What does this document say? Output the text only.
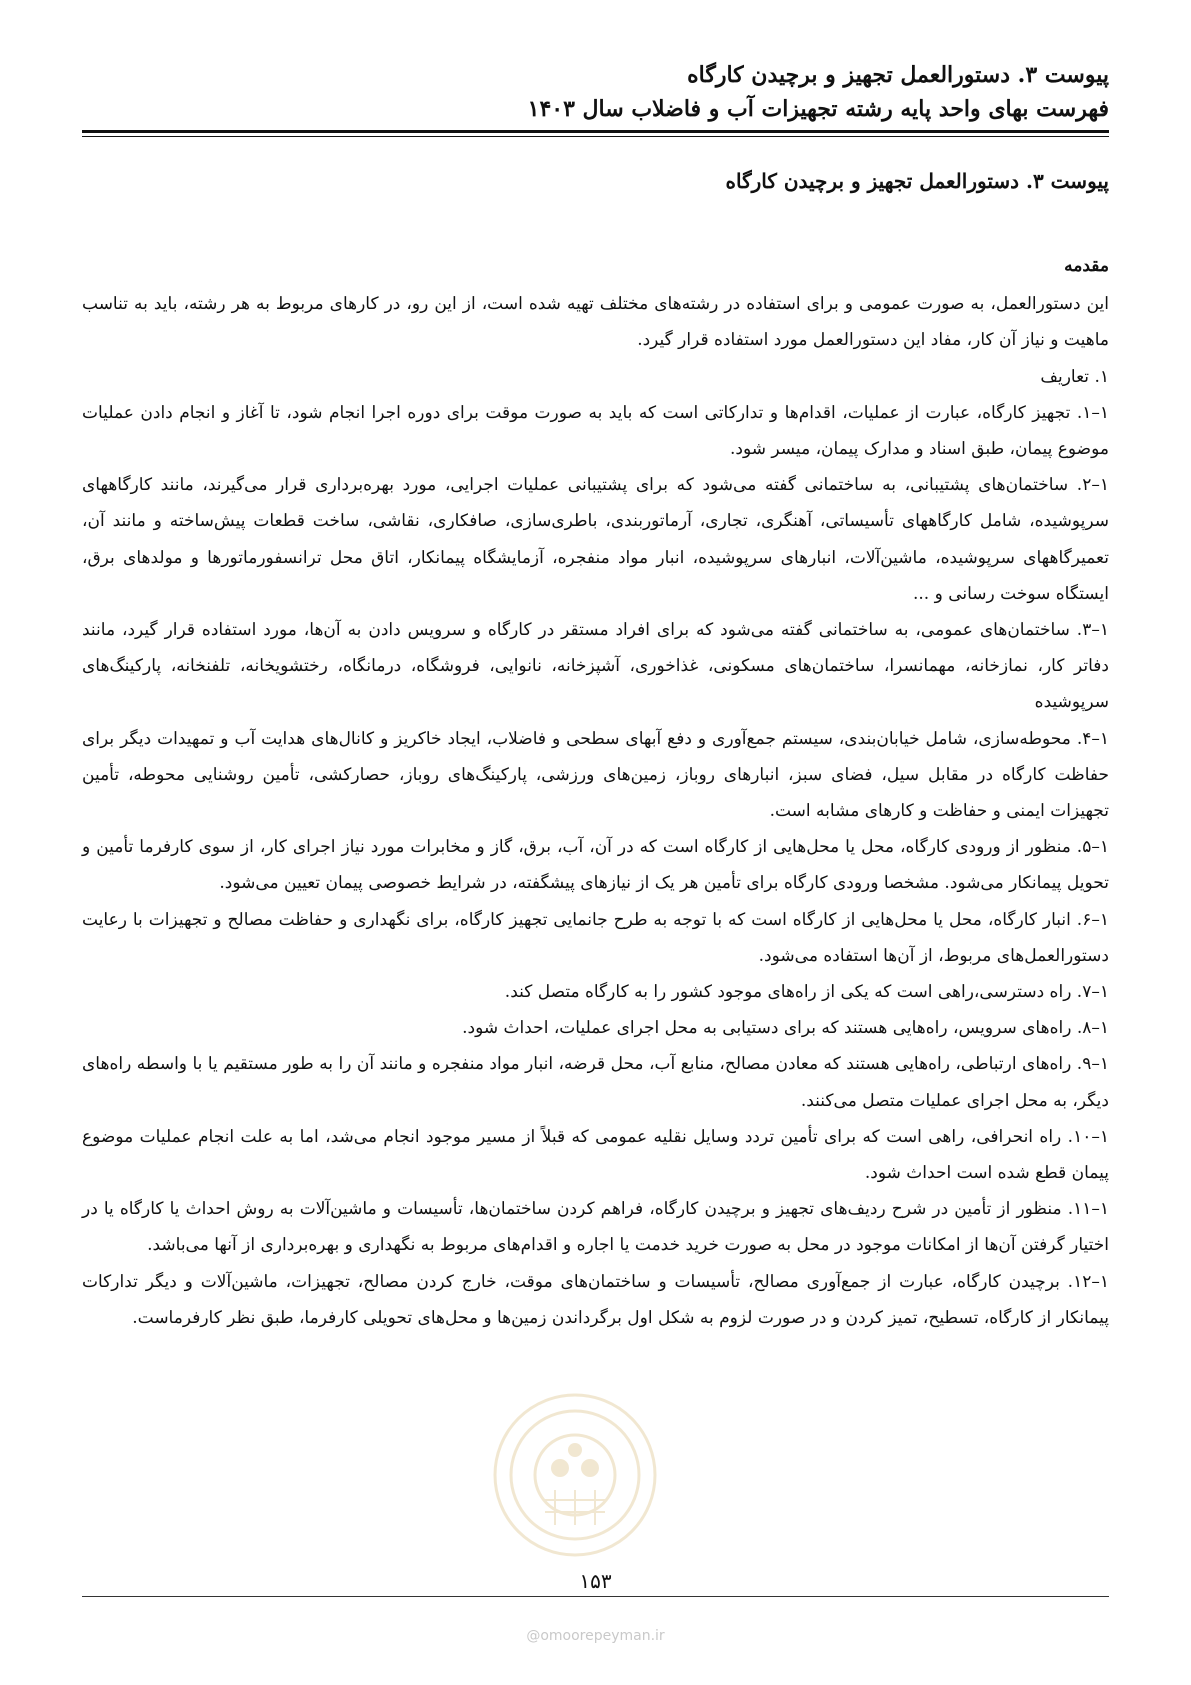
پیوست ۳. دستورالعمل تجهیز و برچیدن کارگاه
فهرست بهای واحد پایه رشته تجهیزات آب و فاضلاب سال ۱۴۰۳
پیوست ۳. دستورالعمل تجهیز و برچیدن کارگاه

مقدمه

این دستورالعمل، به صورت عمومی و برای استفاده در رشته‌های مختلف تهیه شده است، از این رو، در کارهای مربوط به هر رشته، باید به تناسب ماهیت و نیاز آن کار، مفاد این دستورالعمل مورد استفاده قرار گیرد.

۱. تعاریف

۱–۱. تجهیز کارگاه، عبارت از عملیات، اقدام‌ها و تدارکاتی است که باید به صورت موقت برای دوره اجرا انجام شود، تا آغاز و انجام دادن عملیات موضوع پیمان، طبق اسناد و مدارک پیمان، میسر شود.

۱–۲. ساختمان‌های پشتیبانی، به ساختمانی گفته می‌شود که برای پشتیبانی عملیات اجرایی، مورد بهره‌برداری قرار می‌گیرند، مانند کارگاههای سرپوشیده، شامل کارگاههای تأسیساتی، آهنگری، تجاری، آرماتوربندی، باطری‌سازی، صافکاری، نقاشی، ساخت قطعات پیش‌ساخته و مانند آن، تعمیرگاههای سرپوشیده، ماشین‌آلات، انبارهای سرپوشیده، انبار مواد منفجره، آزمایشگاه پیمانکار، اتاق محل ترانسفورماتورها و مولدهای برق، ایستگاه سوخت رسانی و ...

۱–۳. ساختمان‌های عمومی، به ساختمانی گفته می‌شود که برای افراد مستقر در کارگاه و سرویس دادن به آن‌ها، مورد استفاده قرار گیرد، مانند دفاتر کار، نمازخانه، مهمانسرا، ساختمان‌های مسکونی، غذاخوری، آشپزخانه، نانوایی، فروشگاه، درمانگاه، رختشویخانه، تلفنخانه، پارکینگ‌های سرپوشیده

۱–۴. محوطه‌سازی، شامل خیابان‌بندی، سیستم جمع‌آوری و دفع آبهای سطحی و فاضلاب، ایجاد خاکریز و کانال‌های هدایت آب و تمهیدات دیگر برای حفاظت کارگاه در مقابل سیل، فضای سبز، انبارهای روباز، زمین‌های ورزشی، پارکینگ‌های روباز، حصارکشی، تأمین روشنایی محوطه، تأمین تجهیزات ایمنی و حفاظت و کارهای مشابه است.

۱–۵. منظور از ورودی کارگاه، محل یا محل‌هایی از کارگاه است که در آن، آب، برق، گاز و مخابرات مورد نیاز اجرای کار، از سوی کارفرما تأمین و تحویل پیمانکار می‌شود. مشخصا ورودی کارگاه برای تأمین هر یک از نیازهای پیشگفته، در شرایط خصوصی پیمان تعیین می‌شود.

۱–۶. انبار کارگاه، محل یا محل‌هایی از کارگاه است که با توجه به طرح جانمایی تجهیز کارگاه، برای نگهداری و حفاظت مصالح و تجهیزات با رعایت دستورالعمل‌های مربوط، از آن‌ها استفاده می‌شود.

۱–۷. راه دسترسی،راهی است که یکی از راه‌های موجود کشور را به کارگاه متصل کند.

۱–۸. راه‌های سرویس، راه‌هایی هستند که برای دستیابی به محل اجرای عملیات، احداث شود.

۱–۹. راه‌های ارتباطی، راه‌هایی هستند که معادن مصالح، منابع آب، محل قرضه، انبار مواد منفجره و مانند آن را به طور مستقیم یا با واسطه راه‌های دیگر، به محل اجرای عملیات متصل می‌کنند.

۱–۱۰. راه انحرافی، راهی است که برای تأمین تردد وسایل نقلیه عمومی که قبلاً از مسیر موجود انجام می‌شد، اما به علت انجام عملیات موضوع پیمان قطع شده است احداث شود.

۱–۱۱. منظور از تأمین در شرح ردیف‌های تجهیز و برچیدن کارگاه، فراهم کردن ساختمان‌ها، تأسیسات و ماشین‌آلات به روش احداث یا کارگاه یا در اختیار گرفتن آن‌ها از امکانات موجود در محل به صورت خرید خدمت یا اجاره و اقدام‌های مربوط به نگهداری و بهره‌برداری از آنها می‌باشد.

۱–۱۲. برچیدن کارگاه، عبارت از جمع‌آوری مصالح، تأسیسات و ساختمان‌های موقت، خارج کردن مصالح، تجهیزات، ماشین‌آلات و دیگر تدارکات پیمانکار از کارگاه، تسطیح، تمیز کردن و در صورت لزوم به شکل اول برگرداندن زمین‌ها و محل‌های تحویلی کارفرما، طبق نظر کارفرماست.

۱۵۳
@omoorepeyman.ir
